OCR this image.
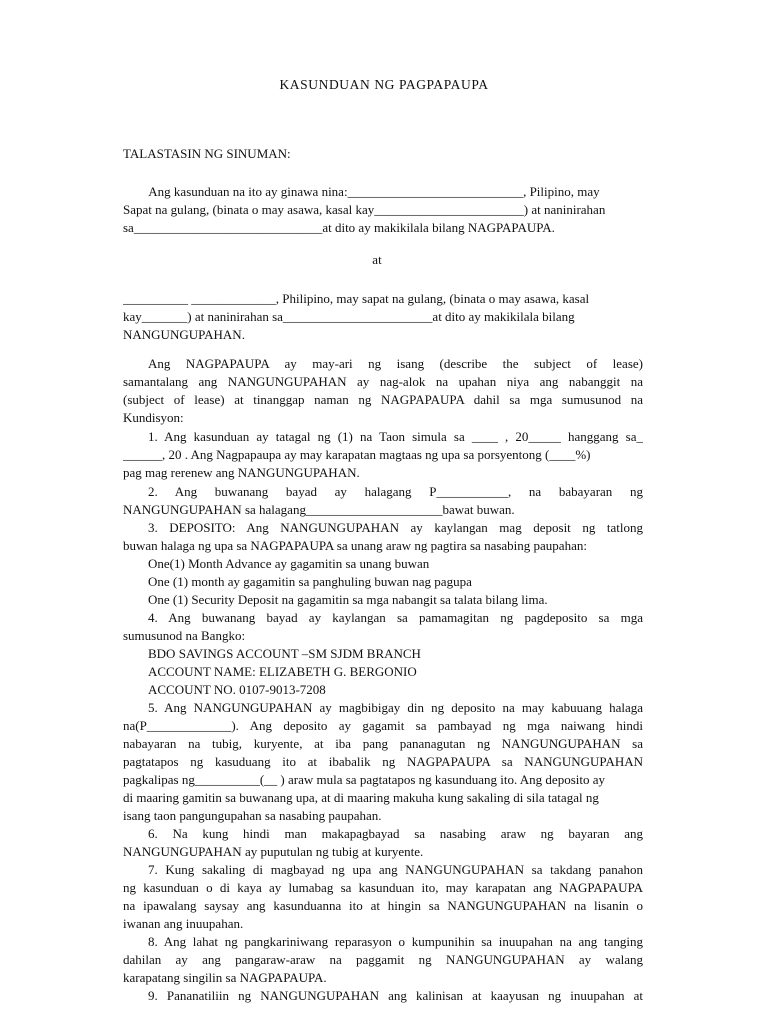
KASUNDUAN NG PAGPAPAUPA
TALASTASIN NG SINUMAN:
Ang kasunduan na ito ay ginawa nina:___________________________, Pilipino, may
Sapat na gulang, (binata o may asawa, kasal kay_______________________) at naninirahan
sa_____________________________at dito ay makikilala bilang NAGPAPAUPA.
at
__________ _____________, Philipino, may sapat na gulang, (binata o may asawa, kasal
kay_______) at naninirahan sa_______________________at dito ay makikilala bilang
NANGUNGUPAHAN.
Ang NAGPAPAUPA ay may-ari ng isang (describe the subject of lease)
samantalang ang NANGUNGUPAHAN ay nag-alok na upahan niya ang nabanggit na
(subject of lease) at tinanggap naman ng NAGPAPAUPA dahil sa mga sumusunod na
Kundisyon:
1. Ang kasunduan ay tatagal ng (1) na Taon simula sa ____ , 20_____ hanggang sa_
______, 20 . Ang Nagpapaupa ay may karapatan magtaas ng upa sa porsyentong (____%)
pag mag rerenew ang NANGUNGUPAHAN.
2. Ang buwanang bayad ay halagang P___________, na babayaran ng
NANGUNGUPAHAN sa halagang_____________________bawat buwan.
3. DEPOSITO: Ang NANGUNGUPAHAN ay kaylangan mag deposit ng tatlong
buwan halaga ng upa sa NAGPAPAUPA sa unang araw ng pagtira sa nasabing paupahan:
One(1) Month Advance ay gagamitin sa unang buwan
One (1) month ay gagamitin sa panghuling buwan nag pagupa
One (1) Security Deposit na gagamitin sa mga nabangit sa talata bilang lima.
4. Ang buwanang bayad ay kaylangan sa pamamagitan ng pagdeposito sa mga
sumusunod na Bangko:
BDO SAVINGS ACCOUNT –SM SJDM BRANCH
ACCOUNT NAME: ELIZABETH G. BERGONIO
ACCOUNT NO. 0107-9013-7208
5. Ang NANGUNGUPAHAN ay magbibigay din ng deposito na may kabuuang halaga
na(P_____________). Ang deposito ay gagamit sa pambayad ng mga naiwang hindi
nabayaran na tubig, kuryente, at iba pang pananagutan ng NANGUNGUPAHAN sa
pagtatapos ng kasuduang ito at ibabalik ng NAGPAPAUPA sa NANGUNGUPAHAN
pagkalipas ng__________(__ ) araw mula sa pagtatapos ng kasunduang ito. Ang deposito ay
di maaring gamitin sa buwanang upa, at di maaring makuha kung sakaling di sila tatagal ng
isang taon pangungupahan sa nasabing paupahan.
6. Na kung hindi man makapagbayad sa nasabing araw ng bayaran ang
NANGUNGUPAHAN ay puputulan ng tubig at kuryente.
7. Kung sakaling di magbayad ng upa ang NANGUNGUPAHAN sa takdang panahon
ng kasunduan o di kaya ay lumabag sa kasunduan ito, may karapatan ang NAGPAPAUPA
na ipawalang saysay ang kasunduanna ito at hingin sa NANGUNGUPAHAN na lisanin o
iwanan ang inuupahan.
8. Ang lahat ng pangkariniwang reparasyon o kumpunihin sa inuupahan na ang tanging
dahilan ay ang pangaraw-araw na paggamit ng NANGUNGUPAHAN ay walang
karapatang singilin sa NAGPAPAUPA.
9. Pananatiliin ng NANGUNGUPAHAN ang kalinisan at kaayusan ng inuupahan at
